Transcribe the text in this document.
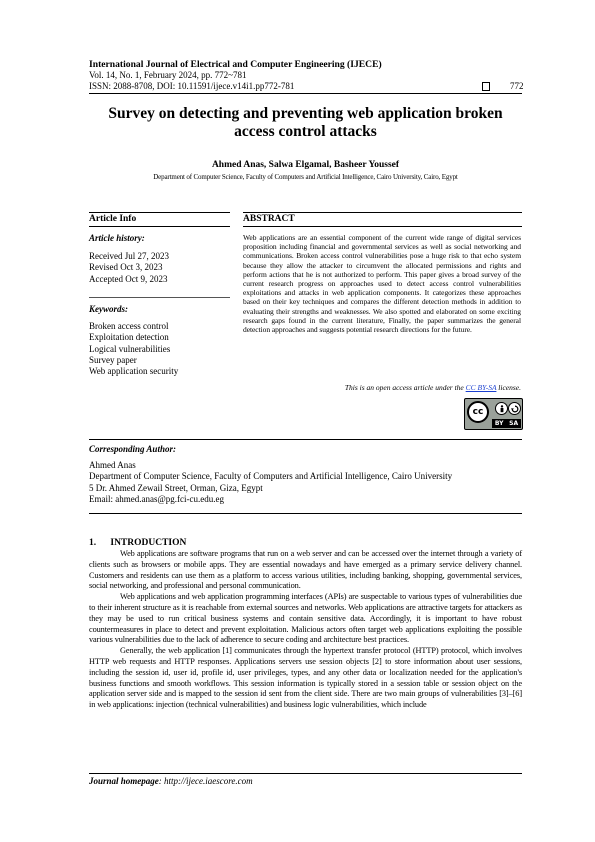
International Journal of Electrical and Computer Engineering (IJECE)
Vol. 14, No. 1, February 2024, pp. 772~781
ISSN: 2088-8708, DOI: 10.11591/ijece.v14i1.pp772-781	772
Survey on detecting and preventing web application broken
access control attacks
Ahmed Anas, Salwa Elgamal, Basheer Youssef
Department of Computer Science, Faculty of Computers and Artificial Intelligence, Cairo University, Cairo, Egypt
Article Info
Article history:
Received Jul 27, 2023
Revised Oct 3, 2023
Accepted Oct 9, 2023
Keywords:
Broken access control
Exploitation detection
Logical vulnerabilities
Survey paper
Web application security
ABSTRACT
Web applications are an essential component of the current wide range of digital services proposition including financial and governmental services as well as social networking and communications. Broken access control vulnerabilities pose a huge risk to that echo system because they allow the attacker to circumvent the allocated permissions and rights and perform actions that he is not authorized to perform. This paper gives a broad survey of the current research progress on approaches used to detect access control vulnerabilities exploitations and attacks in web application components. It categorizes these approaches based on their key techniques and compares the different detection methods in addition to evaluating their strengths and weaknesses. We also spotted and elaborated on some exciting research gaps found in the current literature, Finally, the paper summarizes the general detection approaches and suggests potential research directions for the future.
This is an open access article under the CC BY-SA license.
cc
BY SA
Corresponding Author:
Ahmed Anas
Department of Computer Science, Faculty of Computers and Artificial Intelligence, Cairo University
5 Dr. Ahmed Zewail Street, Orman, Giza, Egypt
Email: ahmed.anas@pg.fci-cu.edu.eg
1.      INTRODUCTION

Web applications are software programs that run on a web server and can be accessed over the internet through a variety of clients such as browsers or mobile apps. They are essential nowadays and have emerged as a primary service delivery channel. Customers and residents can use them as a platform to access various utilities, including banking, shopping, governmental services, social networking, and professional and personal communication.

Web applications and web application programming interfaces (APIs) are suspectable to various types of vulnerabilities due to their inherent structure as it is reachable from external sources and networks. Web applications are attractive targets for attackers as they may be used to run critical business systems and contain sensitive data. Accordingly, it is important to have robust countermeasures in place to detect and prevent exploitation. Malicious actors often target web applications exploiting the possible various vulnerabilities due to the lack of adherence to secure coding and architecture best practices.

Generally, the web application [1] communicates through the hypertext transfer protocol (HTTP) protocol, which involves HTTP web requests and HTTP responses. Applications servers use session objects [2] to store information about user sessions, including the session id, user id, profile id, user privileges, types, and any other data or localization needed for the application's business functions and smooth workflows. This session information is typically stored in a session table or session object on the application server side and is mapped to the session id sent from the client side. There are two main groups of vulnerabilities [3]–[6] in web applications: injection (technical vulnerabilities) and business logic vulnerabilities, which include

Journal homepage: http://ijece.iaescore.com
